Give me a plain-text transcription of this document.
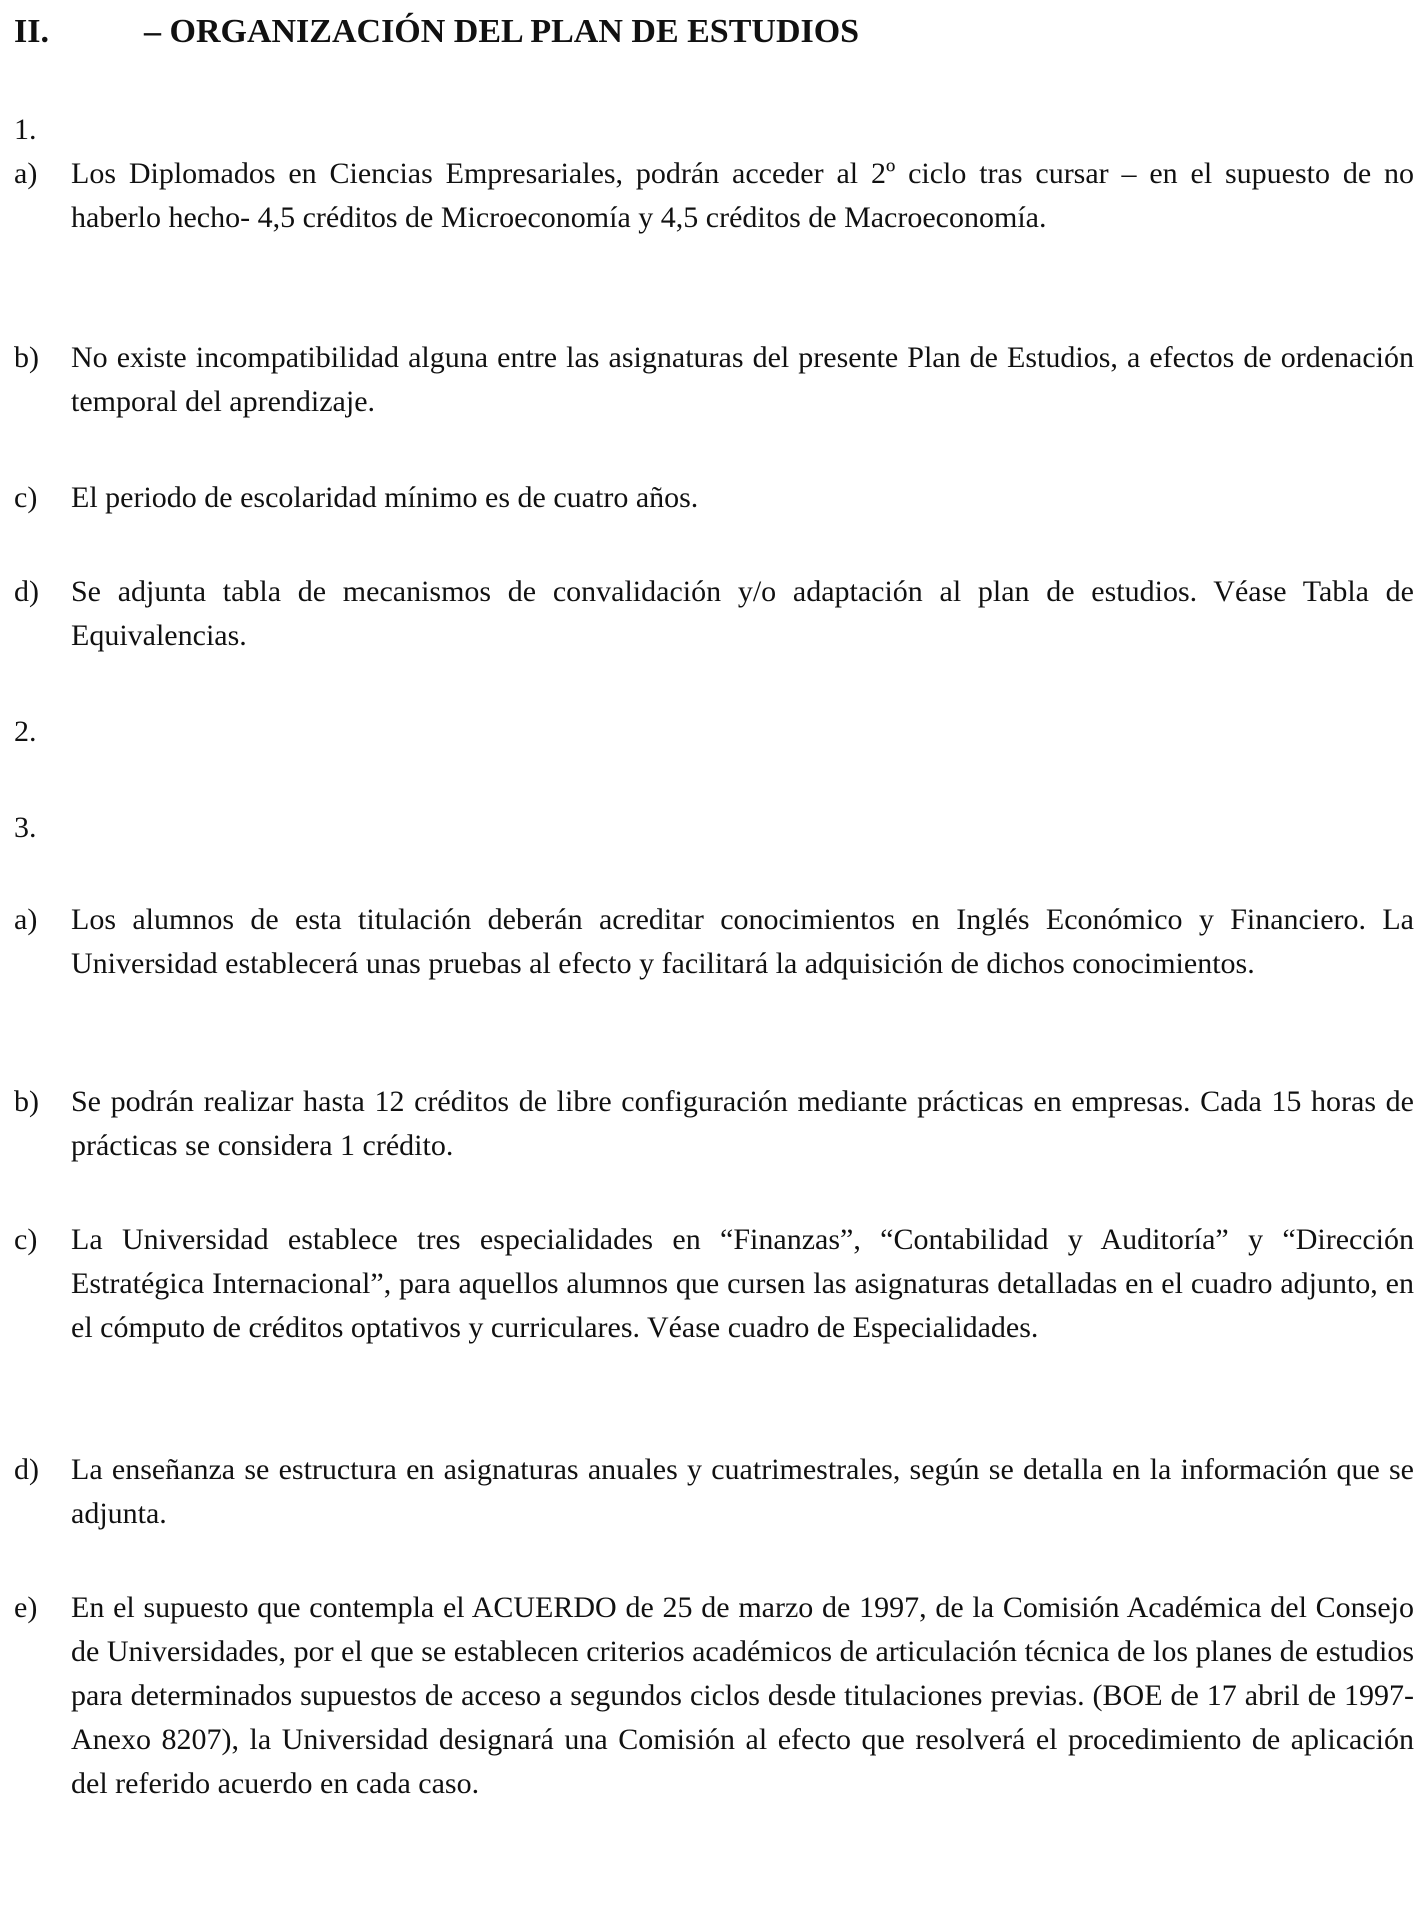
II.	– ORGANIZACIÓN DEL PLAN DE ESTUDIOS
1.
a) Los Diplomados en Ciencias Empresariales, podrán acceder al 2º ciclo tras cursar – en el supuesto de no haberlo hecho- 4,5 créditos de Microeconomía y 4,5 créditos de Macroeconomía.
b) No existe incompatibilidad alguna entre las asignaturas del presente Plan de Estudios, a efectos de ordenación temporal del aprendizaje.
c) El periodo de escolaridad mínimo es de cuatro años.
d) Se adjunta tabla de mecanismos de convalidación y/o adaptación al plan de estudios. Véase Tabla de Equivalencias.
2.
3.
a) Los alumnos de esta titulación deberán acreditar conocimientos en Inglés Económico y Financiero. La Universidad establecerá unas pruebas al efecto y facilitará la adquisición de dichos conocimientos.
b) Se podrán realizar hasta 12 créditos de libre configuración mediante prácticas en empresas. Cada 15 horas de prácticas se considera 1 crédito.
c) La Universidad establece tres especialidades en “Finanzas”, “Contabilidad y Auditoría” y “Dirección Estratégica Internacional”, para aquellos alumnos que cursen las asignaturas detalladas en el cuadro adjunto, en el cómputo de créditos optativos y curriculares. Véase cuadro de Especialidades.
d) La enseñanza se estructura en asignaturas anuales y cuatrimestrales, según se detalla en la información que se adjunta.
e) En el supuesto que contempla el ACUERDO de 25 de marzo de 1997, de la Comisión Académica del Consejo de Universidades, por el que se establecen criterios académicos de articulación técnica de los planes de estudios para determinados supuestos de acceso a segundos ciclos desde titulaciones previas. (BOE de 17 abril de 1997- Anexo 8207), la Universidad designará una Comisión al efecto que resolverá el procedimiento de aplicación del referido acuerdo en cada caso.
